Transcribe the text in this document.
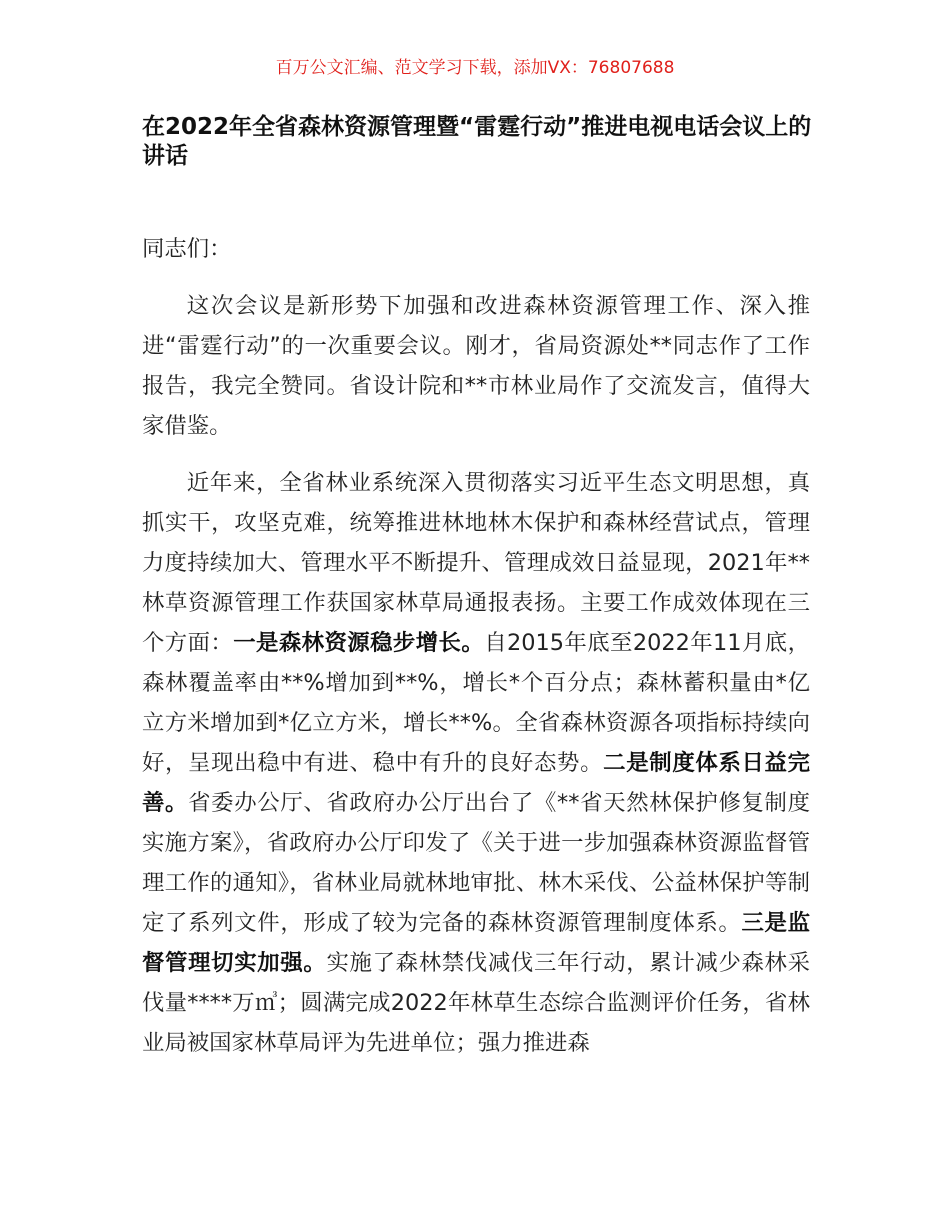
百万公文汇编、范文学习下载，添加VX：76807688
在2022年全省森林资源管理暨“雷霆行动”推进电视电话会议上的讲话

同志们：

这次会议是新形势下加强和改进森林资源管理工作、深入推进“雷霆行动”的一次重要会议。刚才，省局资源处**同志作了工作报告，我完全赞同。省设计院和**市林业局作了交流发言，值得大家借鉴。

近年来，全省林业系统深入贯彻落实习近平生态文明思想，真抓实干，攻坚克难，统筹推进林地林木保护和森林经营试点，管理力度持续加大、管理水平不断提升、管理成效日益显现，2021年**林草资源管理工作获国家林草局通报表扬。主要工作成效体现在三个方面：一是森林资源稳步增长。自2015年底至2022年11月底，森林覆盖率由**%增加到**%，增长*个百分点；森林蓄积量由*亿立方米增加到*亿立方米，增长**%。全省森林资源各项指标持续向好，呈现出稳中有进、稳中有升的良好态势。二是制度体系日益完善。省委办公厅、省政府办公厅出台了《**省天然林保护修复制度实施方案》，省政府办公厅印发了《关于进一步加强森林资源监督管理工作的通知》，省林业局就林地审批、林木采伐、公益林保护等制定了系列文件，形成了较为完备的森林资源管理制度体系。三是监督管理切实加强。实施了森林禁伐减伐三年行动，累计减少森林采伐量****万㎥；圆满完成2022年林草生态综合监测评价任务，省林业局被国家林草局评为先进单位；强力推进森
